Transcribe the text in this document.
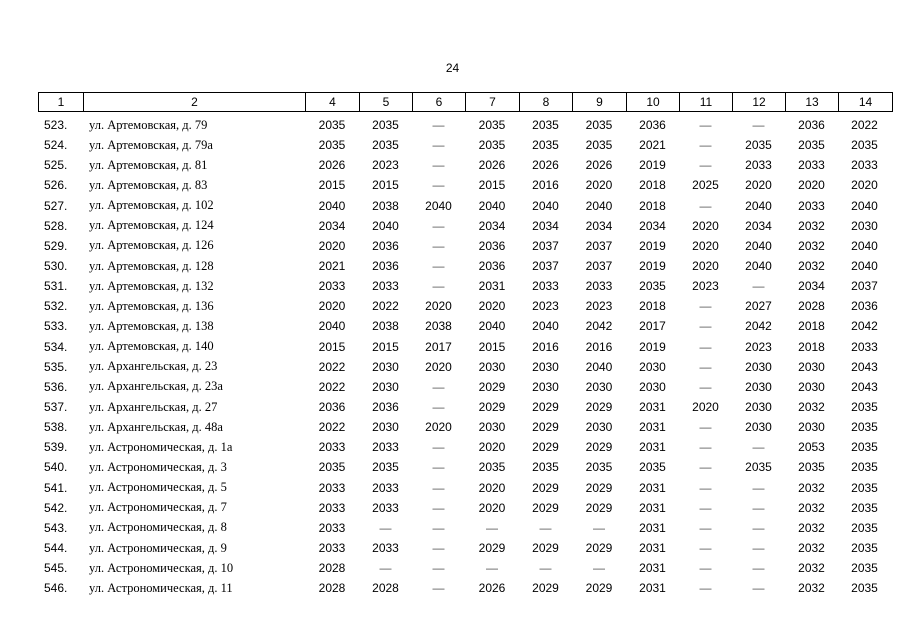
24
1	2	4	5	6	7	8	9	10	11	12	13	14
523.	ул. Артемовская, д. 79	2035	2035	—	2035	2035	2035	2036	—	—	2036	2022
524.	ул. Артемовская, д. 79а	2035	2035	—	2035	2035	2035	2021	—	2035	2035	2035
525.	ул. Артемовская, д. 81	2026	2023	—	2026	2026	2026	2019	—	2033	2033	2033
526.	ул. Артемовская, д. 83	2015	2015	—	2015	2016	2020	2018	2025	2020	2020	2020
527.	ул. Артемовская, д. 102	2040	2038	2040	2040	2040	2040	2018	—	2040	2033	2040
528.	ул. Артемовская, д. 124	2034	2040	—	2034	2034	2034	2034	2020	2034	2032	2030
529.	ул. Артемовская, д. 126	2020	2036	—	2036	2037	2037	2019	2020	2040	2032	2040
530.	ул. Артемовская, д. 128	2021	2036	—	2036	2037	2037	2019	2020	2040	2032	2040
531.	ул. Артемовская, д. 132	2033	2033	—	2031	2033	2033	2035	2023	—	2034	2037
532.	ул. Артемовская, д. 136	2020	2022	2020	2020	2023	2023	2018	—	2027	2028	2036
533.	ул. Артемовская, д. 138	2040	2038	2038	2040	2040	2042	2017	—	2042	2018	2042
534.	ул. Артемовская, д. 140	2015	2015	2017	2015	2016	2016	2019	—	2023	2018	2033
535.	ул. Архангельская, д. 23	2022	2030	2020	2030	2030	2040	2030	—	2030	2030	2043
536.	ул. Архангельская, д. 23а	2022	2030	—	2029	2030	2030	2030	—	2030	2030	2043
537.	ул. Архангельская, д. 27	2036	2036	—	2029	2029	2029	2031	2020	2030	2032	2035
538.	ул. Архангельская, д. 48а	2022	2030	2020	2030	2029	2030	2031	—	2030	2030	2035
539.	ул. Астрономическая, д. 1а	2033	2033	—	2020	2029	2029	2031	—	—	2053	2035
540.	ул. Астрономическая, д. 3	2035	2035	—	2035	2035	2035	2035	—	2035	2035	2035
541.	ул. Астрономическая, д. 5	2033	2033	—	2020	2029	2029	2031	—	—	2032	2035
542.	ул. Астрономическая, д. 7	2033	2033	—	2020	2029	2029	2031	—	—	2032	2035
543.	ул. Астрономическая, д. 8	2033	—	—	—	—	—	2031	—	—	2032	2035
544.	ул. Астрономическая, д. 9	2033	2033	—	2029	2029	2029	2031	—	—	2032	2035
545.	ул. Астрономическая, д. 10	2028	—	—	—	—	—	2031	—	—	2032	2035
546.	ул. Астрономическая, д. 11	2028	2028	—	2026	2029	2029	2031	—	—	2032	2035
